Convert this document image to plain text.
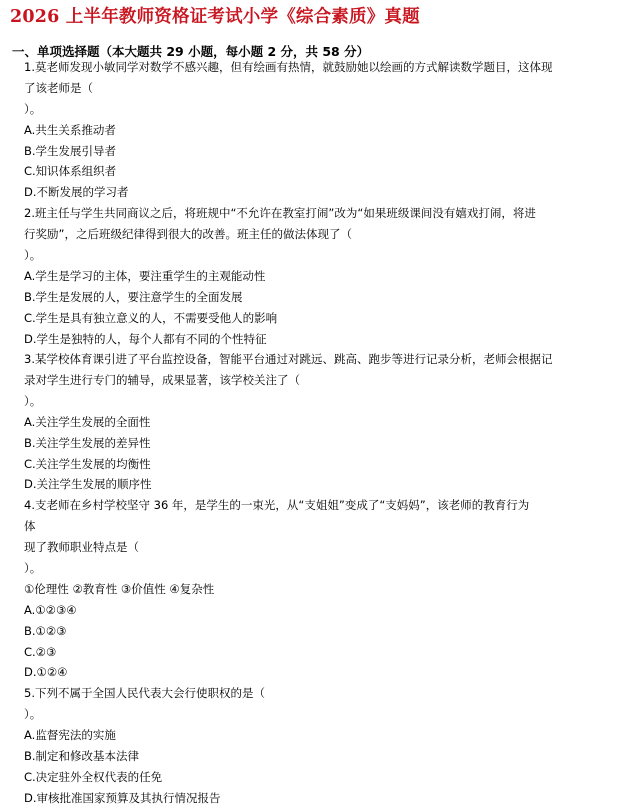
2026 上半年教师资格证考试小学《综合素质》真题
一、单项选择题（本大题共 29 小题，每小题 2 分，共 58 分）
1.莫老师发现小敏同学对数学不感兴趣，但有绘画有热情，就鼓励她以绘画的方式解读数学题目，这体现
了该老师是（
）。
A.共生关系推动者
B.学生发展引导者
C.知识体系组织者
D.不断发展的学习者
2.班主任与学生共同商议之后，将班规中“不允许在教室打闹”改为“如果班级课间没有嬉戏打闹，将进
行奖励”，之后班级纪律得到很大的改善。班主任的做法体现了（
）。
A.学生是学习的主体，要注重学生的主观能动性
B.学生是发展的人，要注意学生的全面发展
C.学生是具有独立意义的人，不需要受他人的影响
D.学生是独特的人，每个人都有不同的个性特征
3.某学校体育课引进了平台监控设备，智能平台通过对跳远、跳高、跑步等进行记录分析，老师会根据记
录对学生进行专门的辅导，成果显著，该学校关注了（
）。
A.关注学生发展的全面性
B.关注学生发展的差异性
C.关注学生发展的均衡性
D.关注学生发展的顺序性
4.支老师在乡村学校坚守 36 年，是学生的一束光，从“支姐姐”变成了“支妈妈”，该老师的教育行为
体
现了教师职业特点是（
）。
①伦理性 ②教育性 ③价值性 ④复杂性
A.①②③④
B.①②③
C.②③
D.①②④
5.下列不属于全国人民代表大会行使职权的是（
）。
A.监督宪法的实施
B.制定和修改基本法律
C.决定驻外全权代表的任免
D.审核批准国家预算及其执行情况报告
